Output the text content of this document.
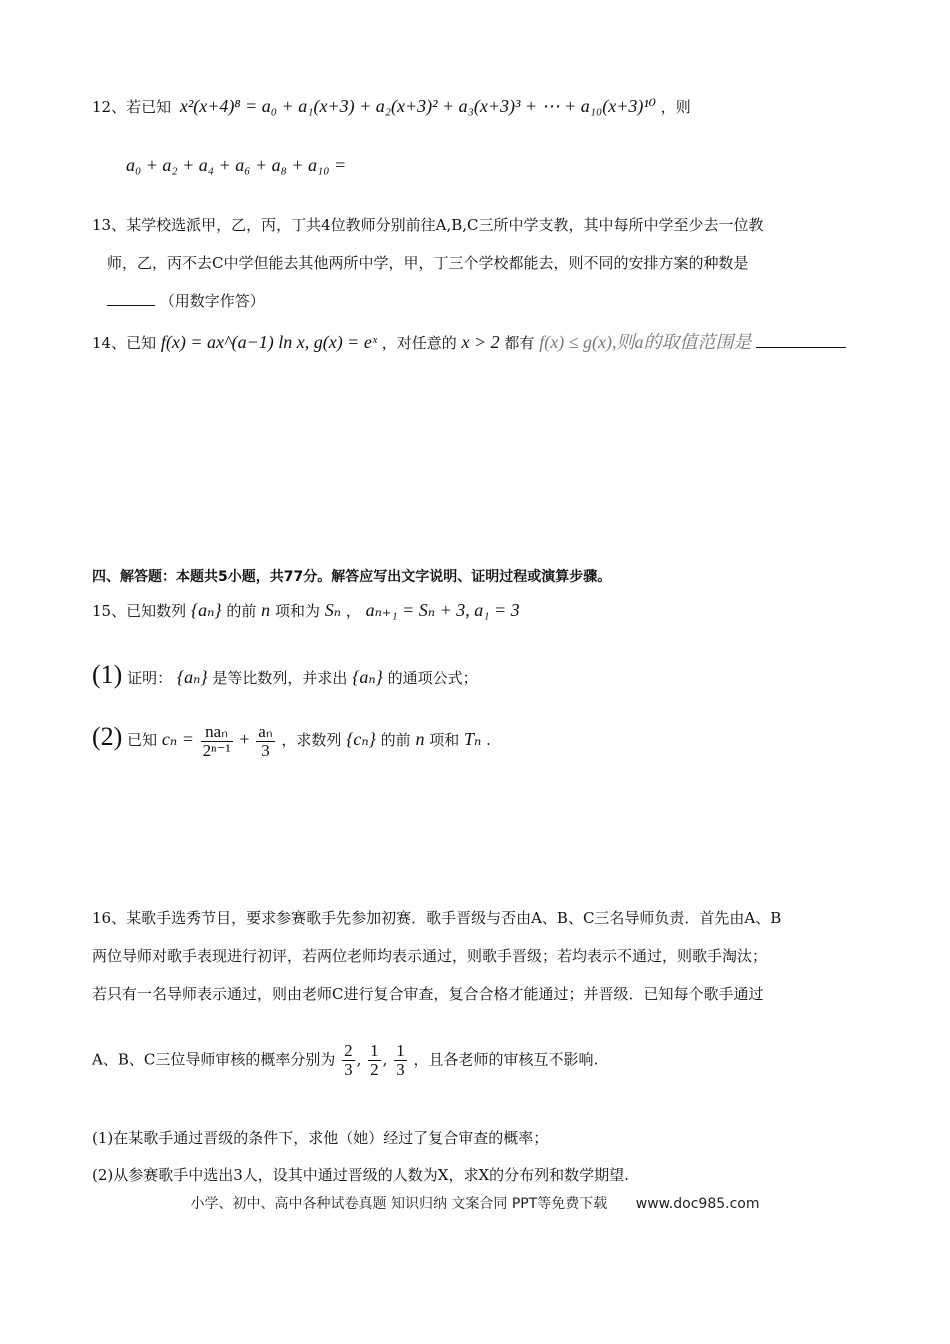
12、若已知 x²(x+4)⁸ = a₀ + a₁(x+3) + a₂(x+3)² + a₃(x+3)³ + ⋯ + a₁₀(x+3)¹⁰ ，则
a₀ + a₂ + a₄ + a₆ + a₈ + a₁₀ =
13、某学校选派甲，乙，丙，丁共4位教师分别前往A,B,C三所中学支教，其中每所中学至少去一位教
师，乙，丙不去C中学但能去其他两所中学，甲，丁三个学校都能去，则不同的安排方案的种数是
（用数字作答）
14、已知 f(x) = ax^(a−1) ln x, g(x) = eˣ ，对任意的 x > 2 都有 f(x) ≤ g(x),则a的取值范围是
四、解答题：本题共5小题，共77分。解答应写出文字说明、证明过程或演算步骤。
15、已知数列 {aₙ} 的前 n 项和为 Sₙ ， aₙ₊₁ = Sₙ + 3, a₁ = 3
(1) 证明： {aₙ} 是等比数列，并求出 {aₙ} 的通项公式；
(2) 已知 $c_n = \frac{\text{naₙ}}{\text{2ⁿ⁻¹}} + \frac{\text{aₙ}}{3}$ ，求数列 {cₙ} 的前 n 项和 Tₙ .
16、某歌手选秀节目，要求参赛歌手先参加初赛．歌手晋级与否由A、B、C三名导师负责．首先由A、B
两位导师对歌手表现进行初评，若两位老师均表示通过，则歌手晋级；若均表示不通过，则歌手淘汰；
若只有一名导师表示通过，则由老师C进行复合审查，复合合格才能通过；并晋级．已知每个歌手通过
A、B、C三位导师审核的概率分别为 $\frac{2}{3}$ , $\frac{1}{2}$ , $\frac{1}{3}$ ，且各老师的审核互不影响.
(1)在某歌手通过晋级的条件下，求他（她）经过了复合审查的概率；
(2)从参赛歌手中选出3人，设其中通过晋级的人数为X，求X的分布列和数学期望.
小学、初中、高中各种试卷真题 知识归纳 文案合同 PPT等免费下载 www.doc985.com
